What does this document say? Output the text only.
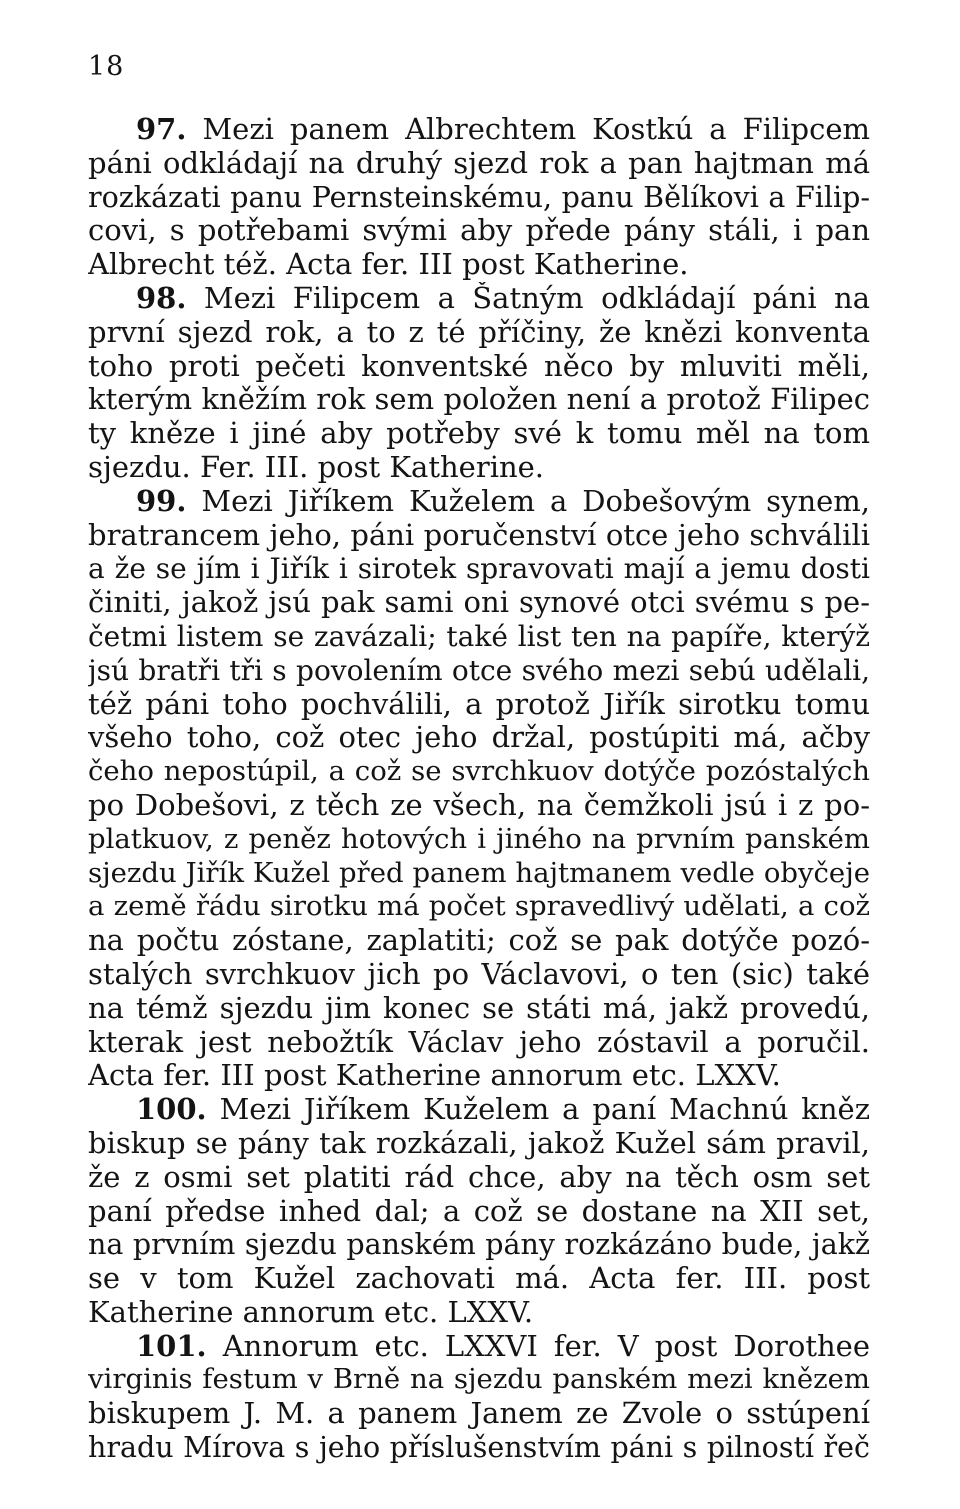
18
97. Mezi panem Albrechtem Kostkú a Filipcem
páni odkládají na druhý sjezd rok a pan hajtman má
rozkázati panu Pernsteinskému, panu Bělíkovi a Filip-
covi, s potřebami svými aby přede pány stáli, i pan
Albrecht též. Acta fer. III post Katherine.
98. Mezi Filipcem a Šatným odkládají páni na
první sjezd rok, a to z té příčiny, že knězi konventa
toho proti pečeti konventské něco by mluviti měli,
kterým kněžím rok sem položen není a protož Filipec
ty kněze i jiné aby potřeby své k tomu měl na tom
sjezdu. Fer. III. post Katherine.
99. Mezi Jiříkem Kuželem a Dobešovým synem,
bratrancem jeho, páni poručenství otce jeho schválili
a že se jím i Jiřík i sirotek spravovati mají a jemu dosti
činiti, jakož jsú pak sami oni synové otci svému s pe-
četmi listem se zavázali; také list ten na papíře, kterýž
jsú bratři tři s povolením otce svého mezi sebú udělali,
též páni toho pochválili, a protož Jiřík sirotku tomu
všeho toho, což otec jeho držal, postúpiti má, ačby
čeho nepostúpil, a což se svrchkuov dotýče pozóstalých
po Dobešovi, z těch ze všech, na čemžkoli jsú i z po-
platkuov, z peněz hotových i jiného na prvním panském
sjezdu Jiřík Kužel před panem hajtmanem vedle obyčeje
a země řádu sirotku má počet spravedlivý udělati, a což
na počtu zóstane, zaplatiti; což se pak dotýče pozó-
stalých svrchkuov jich po Václavovi, o ten (sic) také
na témž sjezdu jim konec se státi má, jakž provedú,
kterak jest nebožtík Václav jeho zóstavil a poručil.
Acta fer. III post Katherine annorum etc. LXXV.
100. Mezi Jiříkem Kuželem a paní Machnú kněz
biskup se pány tak rozkázali, jakož Kužel sám pravil,
že z osmi set platiti rád chce, aby na těch osm set
paní předse inhed dal; a což se dostane na XII set,
na prvním sjezdu panském pány rozkázáno bude, jakž
se v tom Kužel zachovati má. Acta fer. III. post
Katherine annorum etc. LXXV.
101. Annorum etc. LXXVI fer. V post Dorothee
virginis festum v Brně na sjezdu panském mezi knězem
biskupem J. M. a panem Janem ze Zvole o sstúpení
hradu Mírova s jeho příslušenstvím páni s pilností řeč
